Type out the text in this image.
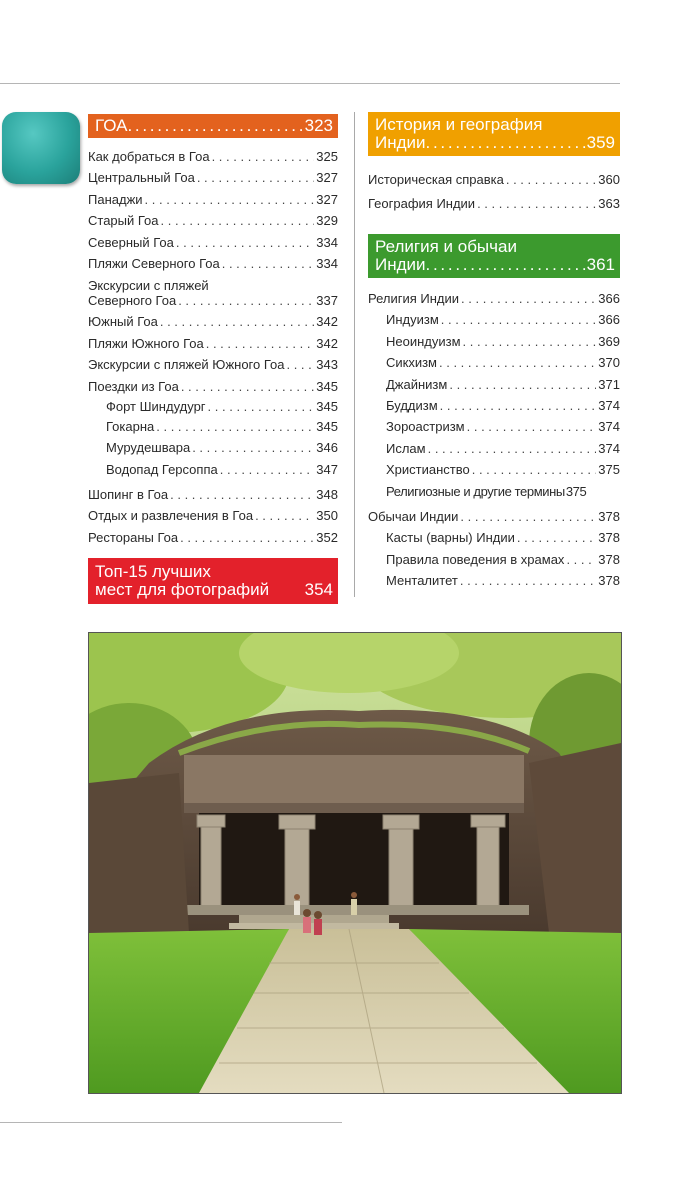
ГОА . . .	323
Как добраться в Гоа . . .	325
Центральный Гоа . . .	327
Панаджи . . .	327
Старый Гоа . . .	329
Северный Гоа . . .	334
Пляжи Северного Гоа . . .	334
Экскурсии с пляжей
Северного Гоа . . .	337
Южный Гоа . . .	342
Пляжи Южного Гоа . . .	342
Экскурсии с пляжей Южного Гоа . . . 343
Поездки из Гоа . . .	345
Форт Шиндудург . . .	345
Гокарна . . .	345
Мурудешвара . . .	346
Водопад Герсоппа . . .	347
Шопинг в Гоа . . .	348
Отдых и развлечения в Гоа . . .	350
Рестораны Гоа . . .	352
Топ-15 лучших
мест для фотографий 354
История и география
Индии . . .	359
Историческая справка . . .	360
География Индии . . .	363
Религия и обычаи
Индии . . .	361
Религия Индии . . .	366
Индуизм . . .	366
Неоиндуизм . . .	369
Сикхизм . . .	370
Джайнизм . . .	371
Буддизм . . .	374
Зороастризм . . .	374
Ислам . . .	374
Христианство . . .	375
Религиозные и другие термины 375
Обычаи Индии . . .	378
Касты (варны) Индии . . .	378
Правила поведения в храмах . . .	378
Менталитет . . .	378
